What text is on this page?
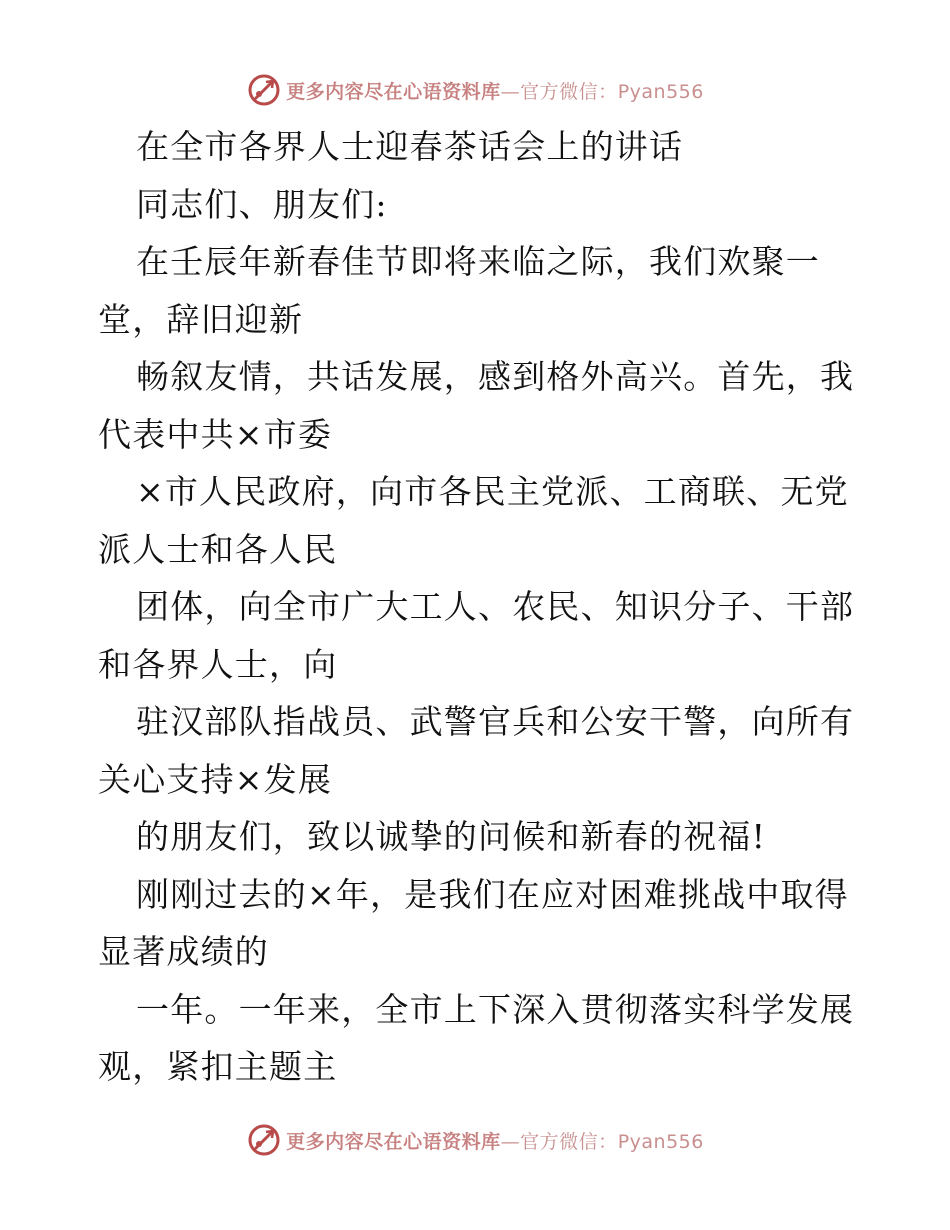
更多内容尽在心语资料库—官方微信：Pyan556
在全市各界人士迎春茶话会上的讲话
同志们、朋友们:
在壬辰年新春佳节即将来临之际，我们欢聚一
堂，辞旧迎新
畅叙友情，共话发展，感到格外高兴。首先，我
代表中共×市委
×市人民政府，向市各民主党派、工商联、无党
派人士和各人民
团体，向全市广大工人、农民、知识分子、干部
和各界人士，向
驻汉部队指战员、武警官兵和公安干警，向所有
关心支持×发展
的朋友们，致以诚挚的问候和新春的祝福!
刚刚过去的×年，是我们在应对困难挑战中取得
显著成绩的
一年。一年来，全市上下深入贯彻落实科学发展
观，紧扣主题主
更多内容尽在心语资料库—官方微信：Pyan556
